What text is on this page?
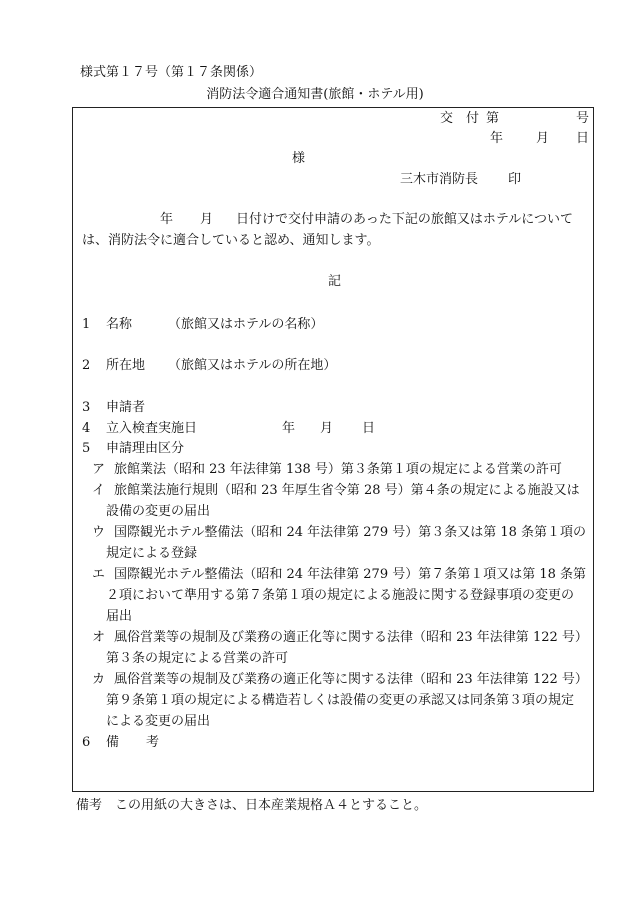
様式第１７号（第１７条関係）
消防法令適合通知書(旅館・ホテル用)
交 付 第	号
年	月 日
様
三木市消防長 印
年 月 日付けで交付申請のあった下記の旅館又はホテルについて
は、消防法令に適合していると認め、通知します。
記
1 名称	（旅館又はホテルの名称）
2 所在地 （旅館又はホテルの所在地）
3 申請者
4 立入検査実施日	年 月 日
5 申請理由区分
ア 旅館業法（昭和 23 年法律第 138 号）第３条第１項の規定による営業の許可
イ 旅館業法施行規則（昭和 23 年厚生省令第 28 号）第４条の規定による施設又は
設備の変更の届出
ウ 国際観光ホテル整備法（昭和 24 年法律第 279 号）第３条又は第 18 条第１項の
規定による登録
エ 国際観光ホテル整備法（昭和 24 年法律第 279 号）第７条第１項又は第 18 条第
２項において準用する第７条第１項の規定による施設に関する登録事項の変更の
届出
オ 風俗営業等の規制及び業務の適正化等に関する法律（昭和 23 年法律第 122 号）
第３条の規定による営業の許可
カ 風俗営業等の規制及び業務の適正化等に関する法律（昭和 23 年法律第 122 号）
第９条第１項の規定による構造若しくは設備の変更の承認又は同条第３項の規定
による変更の届出
6 備 考
備考　この用紙の大きさは、日本産業規格Ａ４とすること。
